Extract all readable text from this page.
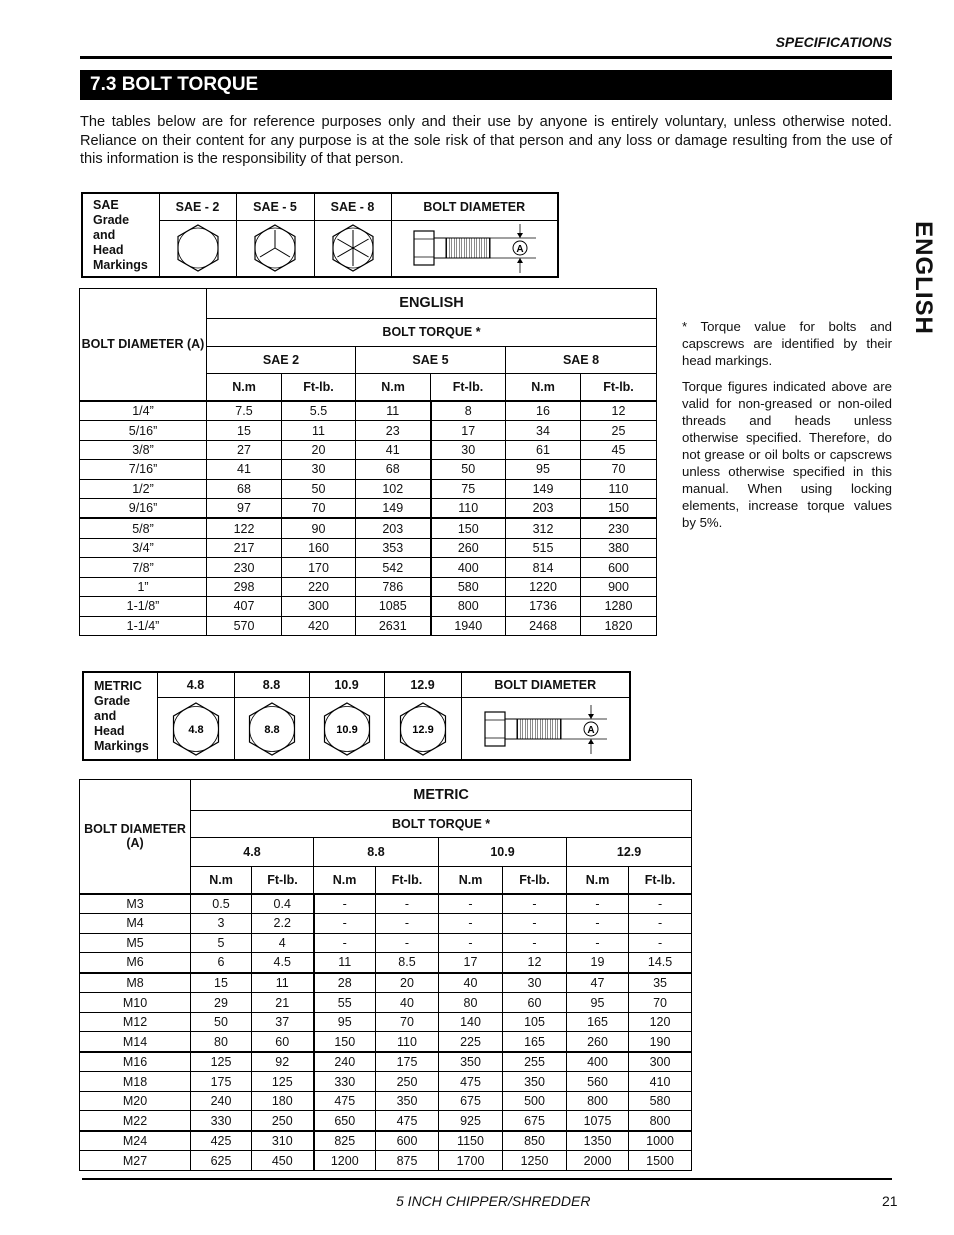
SPECIFICATIONS
7.3 BOLT TORQUE
The tables below are for reference purposes only and their use by anyone is entirely voluntary, unless otherwise noted. Reliance on their content for any purpose is at the sole risk of that person and any loss or damage resulting from the use of this information is the responsibility of that person.
ENGLISH
SAE
Grade
and
Head
Markings	SAE - 2	SAE - 5	SAE - 8	BOLT DIAMETER

A
BOLT DIAMETER (A)	ENGLISH					
	BOLT TORQUE *					
	SAE 2		SAE 5		SAE 8	
	N.m	Ft-lb.	N.m	Ft-lb.	N.m	Ft-lb.
1/4”	7.5	5.5	11	8	16	12
5/16”	15	11	23	17	34	25
3/8”	27	20	41	30	61	45
7/16”	41	30	68	50	95	70
1/2”	68	50	102	75	149	110
9/16”	97	70	149	110	203	150
5/8”	122	90	203	150	312	230
3/4”	217	160	353	260	515	380
7/8”	230	170	542	400	814	600
1”	298	220	786	580	1220	900
1-1/8”	407	300	1085	800	1736	1280
1-1/4”	570	420	2631	1940	2468	1820
* Torque value for bolts and capscrews are identified by their head markings.
Torque figures indicated above are valid for non-greased or non-oiled threads and heads unless otherwise specified. Therefore, do not grease or oil bolts or capscrews unless otherwise specified in this manual. When using locking elements, increase torque values by 5%.
METRIC
Grade
and
Head
Markings	4.8	8.8	10.9	12.9	BOLT DIAMETER

4.8	8.8	10.9	12.9	A
BOLT DIAMETER
(A)	METRIC							
	BOLT TORQUE *							
	4.8		8.8		10.9		12.9	
	N.m	Ft-lb.	N.m	Ft-lb.	N.m	Ft-lb.	N.m	Ft-lb.
M3	0.5	0.4	-	-	-	-	-	-
M4	3	2.2	-	-	-	-	-	-
M5	5	4	-	-	-	-	-	-
M6	6	4.5	11	8.5	17	12	19	14.5
M8	15	11	28	20	40	30	47	35
M10	29	21	55	40	80	60	95	70
M12	50	37	95	70	140	105	165	120
M14	80	60	150	110	225	165	260	190
M16	125	92	240	175	350	255	400	300
M18	175	125	330	250	475	350	560	410
M20	240	180	475	350	675	500	800	580
M22	330	250	650	475	925	675	1075	800
M24	425	310	825	600	1150	850	1350	1000
M27	625	450	1200	875	1700	1250	2000	1500
5 INCH CHIPPER/SHREDDER	21
